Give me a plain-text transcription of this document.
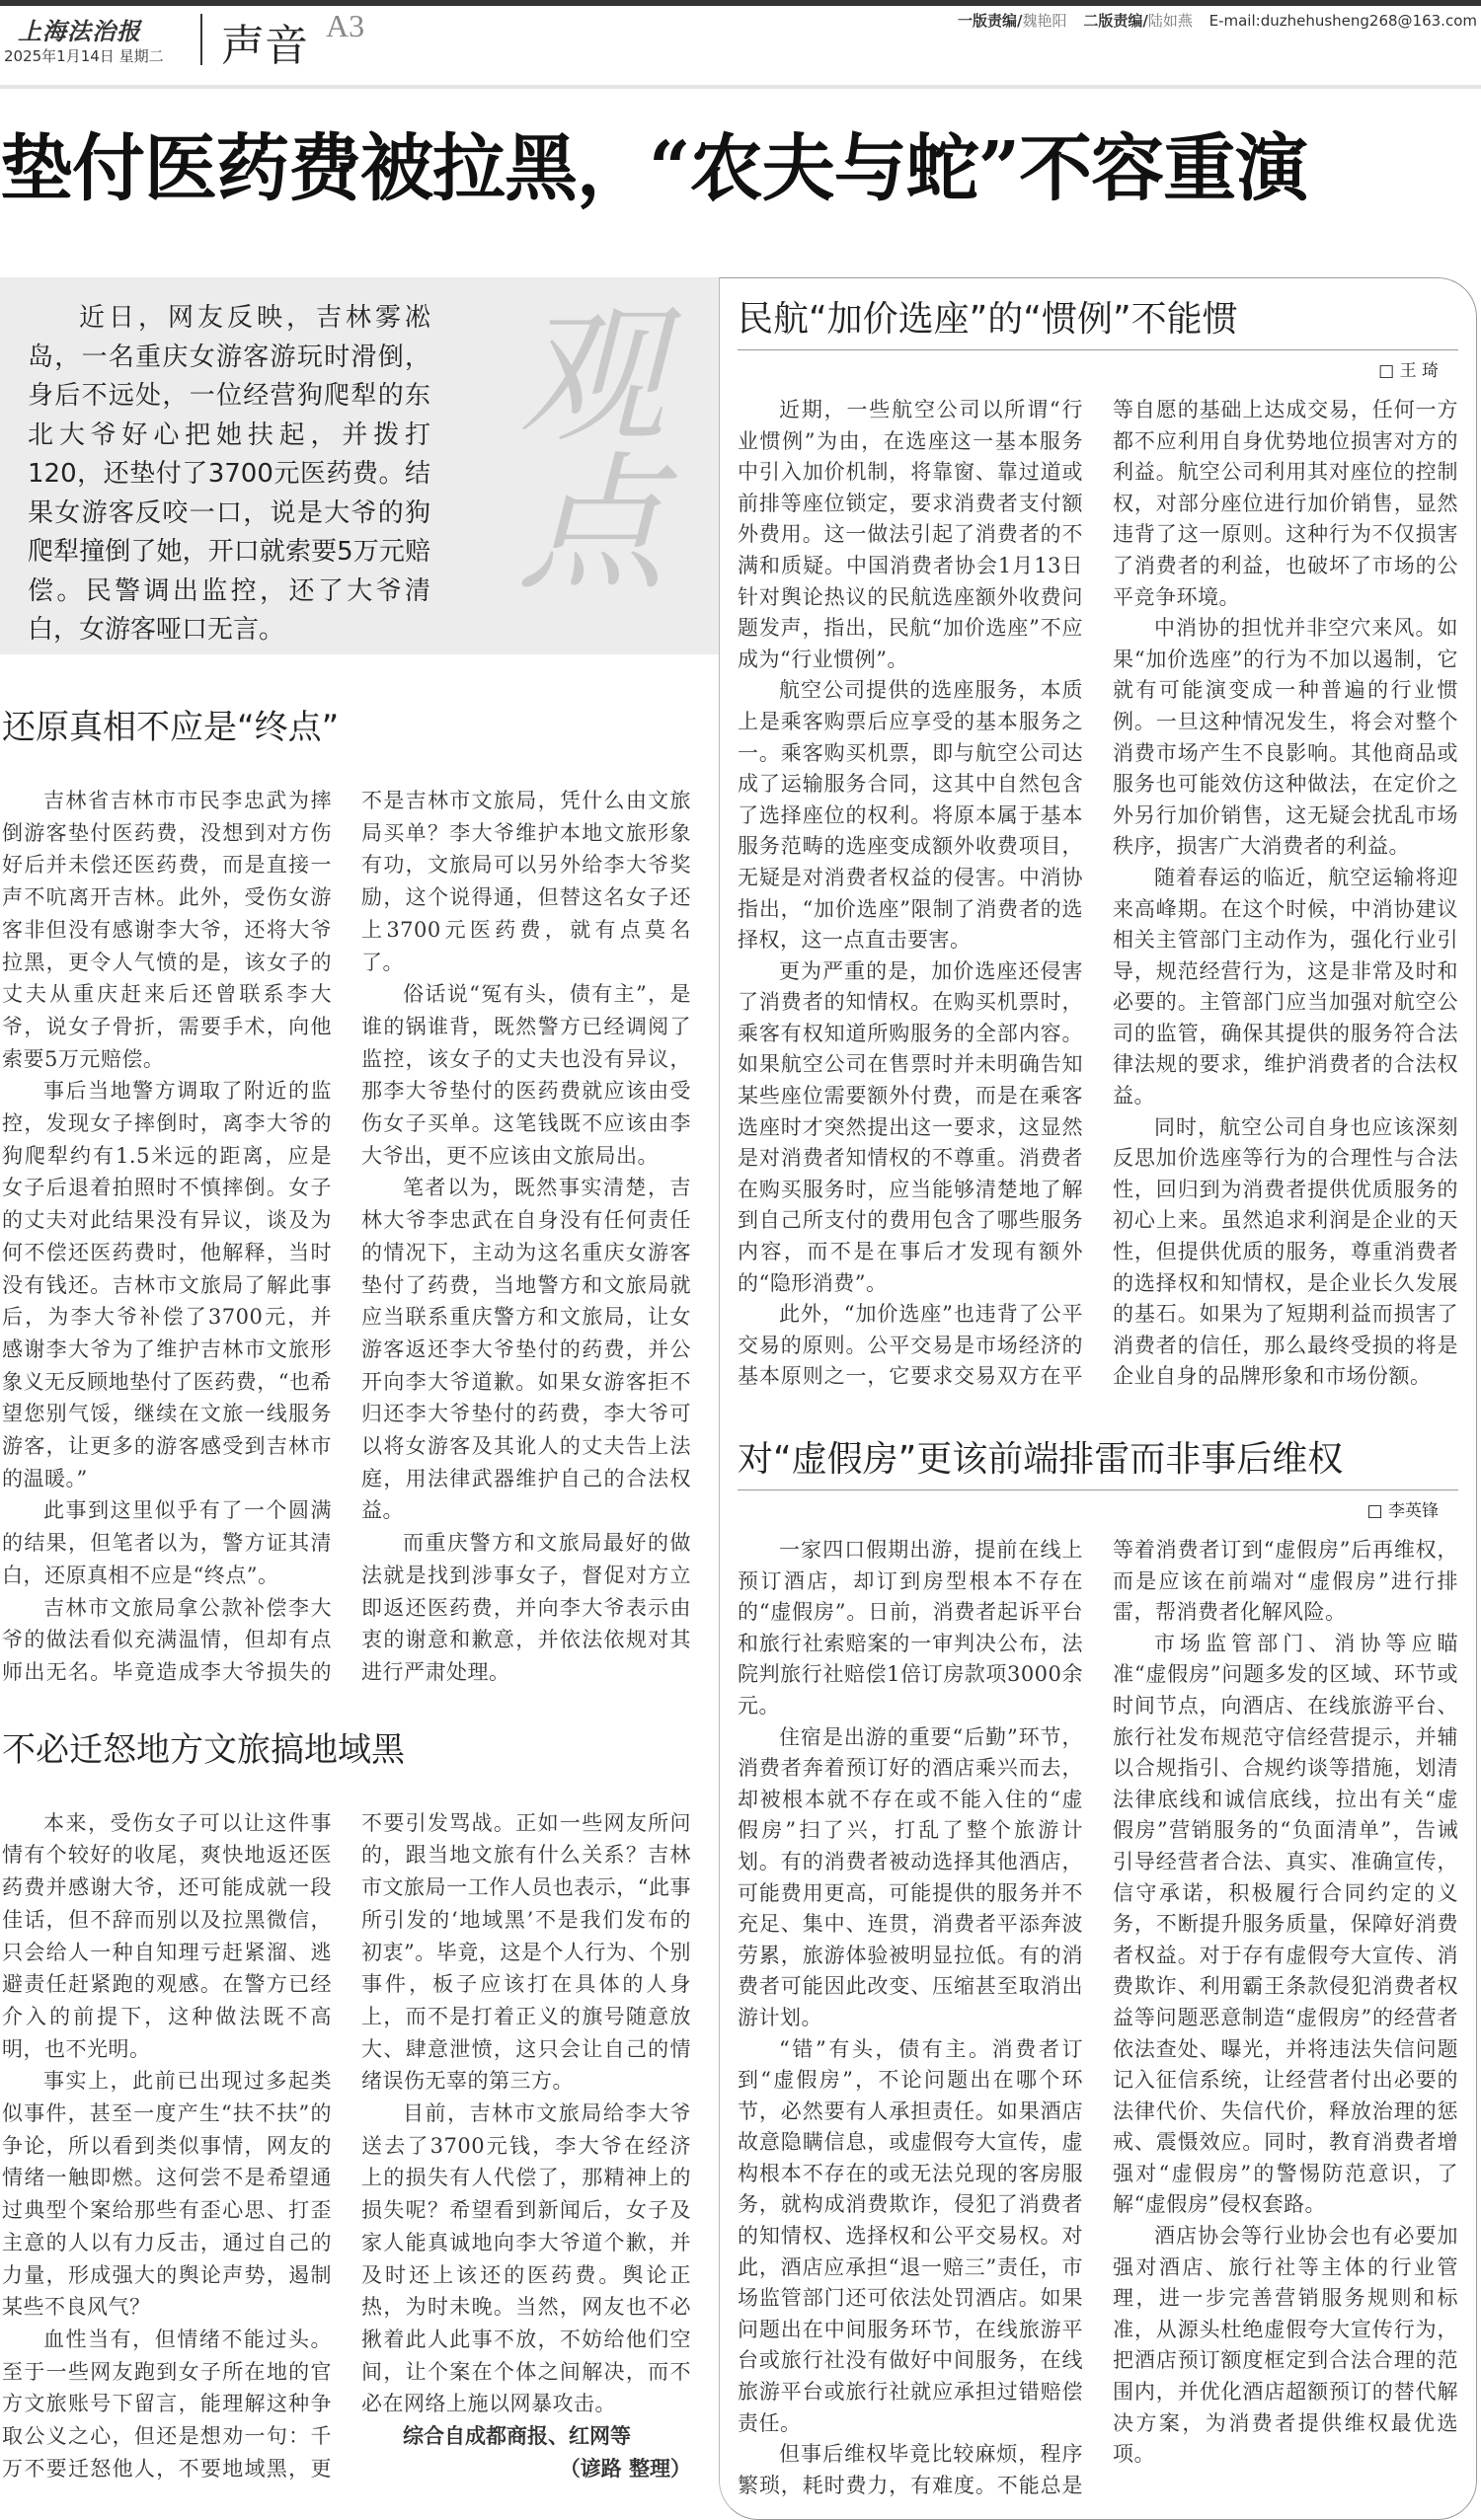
上海法治报
2025年1月14日 星期二 声音 A3	一版责编/魏艳阳 二版责编/陆如燕 E-mail:duzhehusheng268@163.com
垫付医药费被拉黑，“农夫与蛇”不容重演
观点

近日，网友反映，吉林雾凇岛，一名重庆女游客游玩时滑倒，身后不远处，一位经营狗爬犁的东北大爷好心把她扶起，并拨打120，还垫付了3700元医药费。结果女游客反咬一口，说是大爷的狗爬犁撞倒了她，开口就索要5万元赔偿。民警调出监控，还了大爷清白，女游客哑口无言。

还原真相不应是“终点”

吉林省吉林市市民李忠武为摔倒游客垫付医药费，没想到对方伤好后并未偿还医药费，而是直接一声不吭离开吉林。此外，受伤女游客非但没有感谢李大爷，还将大爷拉黑，更令人气愤的是，该女子的丈夫从重庆赶来后还曾联系李大爷，说女子骨折，需要手术，向他索要5万元赔偿。

事后当地警方调取了附近的监控，发现女子摔倒时，离李大爷的狗爬犁约有1.5米远的距离，应是女子后退着拍照时不慎摔倒。女子的丈夫对此结果没有异议，谈及为何不偿还医药费时，他解释，当时没有钱还。吉林市文旅局了解此事后，为李大爷补偿了3700元，并感谢李大爷为了维护吉林市文旅形象义无反顾地垫付了医药费，“也希望您别气馁，继续在文旅一线服务游客，让更多的游客感受到吉林市的温暖。”

此事到这里似乎有了一个圆满的结果，但笔者以为，警方证其清白，还原真相不应是“终点”。

吉林市文旅局拿公款补偿李大爷的做法看似充满温情，但却有点师出无名。毕竟造成李大爷损失的不是吉林市文旅局，凭什么由文旅局买单？李大爷维护本地文旅形象有功，文旅局可以另外给李大爷奖励，这个说得通，但替这名女子还上3700元医药费，就有点莫名了。

俗话说“冤有头，债有主”，是谁的锅谁背，既然警方已经调阅了监控，该女子的丈夫也没有异议，那李大爷垫付的医药费就应该由受伤女子买单。这笔钱既不应该由李大爷出，更不应该由文旅局出。

笔者以为，既然事实清楚，吉林大爷李忠武在自身没有任何责任的情况下，主动为这名重庆女游客垫付了药费，当地警方和文旅局就应当联系重庆警方和文旅局，让女游客返还李大爷垫付的药费，并公开向李大爷道歉。如果女游客拒不归还李大爷垫付的药费，李大爷可以将女游客及其讹人的丈夫告上法庭，用法律武器维护自己的合法权益。

而重庆警方和文旅局最好的做法就是找到涉事女子，督促对方立即返还医药费，并向李大爷表示由衷的谢意和歉意，并依法依规对其进行严肃处理。

不必迁怒地方文旅搞地域黑

本来，受伤女子可以让这件事情有个较好的收尾，爽快地返还医药费并感谢大爷，还可能成就一段佳话，但不辞而别以及拉黑微信，只会给人一种自知理亏赶紧溜、逃避责任赶紧跑的观感。在警方已经介入的前提下，这种做法既不高明，也不光明。

事实上，此前已出现过多起类似事件，甚至一度产生“扶不扶”的争论，所以看到类似事情，网友的情绪一触即燃。这何尝不是希望通过典型个案给那些有歪心思、打歪主意的人以有力反击，通过自己的力量，形成强大的舆论声势，遏制某些不良风气？

血性当有，但情绪不能过头。至于一些网友跑到女子所在地的官方文旅账号下留言，能理解这种争取公义之心，但还是想劝一句：千万不要迁怒他人，不要地域黑，更不要引发骂战。正如一些网友所问的，跟当地文旅有什么关系？吉林市文旅局一工作人员也表示，“此事所引发的‘地域黑’不是我们发布的初衷”。毕竟，这是个人行为、个别事件，板子应该打在具体的人身上，而不是打着正义的旗号随意放大、肆意泄愤，这只会让自己的情绪误伤无辜的第三方。

目前，吉林市文旅局给李大爷送去了3700元钱，李大爷在经济上的损失有人代偿了，那精神上的损失呢？希望看到新闻后，女子及家人能真诚地向李大爷道个歉，并及时还上该还的医药费。舆论正热，为时未晚。当然，网友也不必揪着此人此事不放，不妨给他们空间，让个案在个体之间解决，而不必在网络上施以网暴攻击。

综合自成都商报、红网等

（谚路 整理）

民航“加价选座”的“惯例”不能惯
□ 王 琦

近期，一些航空公司以所谓“行业惯例”为由，在选座这一基本服务中引入加价机制，将靠窗、靠过道或前排等座位锁定，要求消费者支付额外费用。这一做法引起了消费者的不满和质疑。中国消费者协会1月13日针对舆论热议的民航选座额外收费问题发声，指出，民航“加价选座”不应成为“行业惯例”。

航空公司提供的选座服务，本质上是乘客购票后应享受的基本服务之一。乘客购买机票，即与航空公司达成了运输服务合同，这其中自然包含了选择座位的权利。将原本属于基本服务范畴的选座变成额外收费项目，无疑是对消费者权益的侵害。中消协指出，“加价选座”限制了消费者的选择权，这一点直击要害。

更为严重的是，加价选座还侵害了消费者的知情权。在购买机票时，乘客有权知道所购服务的全部内容。如果航空公司在售票时并未明确告知某些座位需要额外付费，而是在乘客选座时才突然提出这一要求，这显然是对消费者知情权的不尊重。消费者在购买服务时，应当能够清楚地了解到自己所支付的费用包含了哪些服务内容，而不是在事后才发现有额外的“隐形消费”。

此外，“加价选座”也违背了公平交易的原则。公平交易是市场经济的基本原则之一，它要求交易双方在平等自愿的基础上达成交易，任何一方都不应利用自身优势地位损害对方的利益。航空公司利用其对座位的控制权，对部分座位进行加价销售，显然违背了这一原则。这种行为不仅损害了消费者的利益，也破坏了市场的公平竞争环境。

中消协的担忧并非空穴来风。如果“加价选座”的行为不加以遏制，它就有可能演变成一种普遍的行业惯例。一旦这种情况发生，将会对整个消费市场产生不良影响。其他商品或服务也可能效仿这种做法，在定价之外另行加价销售，这无疑会扰乱市场秩序，损害广大消费者的利益。

随着春运的临近，航空运输将迎来高峰期。在这个时候，中消协建议相关主管部门主动作为，强化行业引导，规范经营行为，这是非常及时和必要的。主管部门应当加强对航空公司的监管，确保其提供的服务符合法律法规的要求，维护消费者的合法权益。

同时，航空公司自身也应该深刻反思加价选座等行为的合理性与合法性，回归到为消费者提供优质服务的初心上来。虽然追求利润是企业的天性，但提供优质的服务，尊重消费者的选择权和知情权，是企业长久发展的基石。如果为了短期利益而损害了消费者的信任，那么最终受损的将是企业自身的品牌形象和市场份额。

对“虚假房”更该前端排雷而非事后维权
□ 李英锋

一家四口假期出游，提前在线上预订酒店，却订到房型根本不存在的“虚假房”。日前，消费者起诉平台和旅行社索赔案的一审判决公布，法院判旅行社赔偿1倍订房款项3000余元。

住宿是出游的重要“后勤”环节，消费者奔着预订好的酒店乘兴而去，却被根本就不存在或不能入住的“虚假房”扫了兴，打乱了整个旅游计划。有的消费者被动选择其他酒店，可能费用更高，可能提供的服务并不充足、集中、连贯，消费者平添奔波劳累，旅游体验被明显拉低。有的消费者可能因此改变、压缩甚至取消出游计划。

“错”有头，债有主。消费者订到“虚假房”，不论问题出在哪个环节，必然要有人承担责任。如果酒店故意隐瞒信息，或虚假夸大宣传，虚构根本不存在的或无法兑现的客房服务，就构成消费欺诈，侵犯了消费者的知情权、选择权和公平交易权。对此，酒店应承担“退一赔三”责任，市场监管部门还可依法处罚酒店。如果问题出在中间服务环节，在线旅游平台或旅行社没有做好中间服务，在线旅游平台或旅行社就应承担过错赔偿责任。

但事后维权毕竟比较麻烦，程序繁琐，耗时费力，有难度。不能总是等着消费者订到“虚假房”后再维权，而是应该在前端对“虚假房”进行排雷，帮消费者化解风险。

市场监管部门、消协等应瞄准“虚假房”问题多发的区域、环节或时间节点，向酒店、在线旅游平台、旅行社发布规范守信经营提示，并辅以合规指引、合规约谈等措施，划清法律底线和诚信底线，拉出有关“虚假房”营销服务的“负面清单”，告诫引导经营者合法、真实、准确宣传，信守承诺，积极履行合同约定的义务，不断提升服务质量，保障好消费者权益。对于存有虚假夸大宣传、消费欺诈、利用霸王条款侵犯消费者权益等问题恶意制造“虚假房”的经营者依法查处、曝光，并将违法失信问题记入征信系统，让经营者付出必要的法律代价、失信代价，释放治理的惩戒、震慑效应。同时，教育消费者增强对“虚假房”的警惕防范意识，了解“虚假房”侵权套路。

酒店协会等行业协会也有必要加强对酒店、旅行社等主体的行业管理，进一步完善营销服务规则和标准，从源头杜绝虚假夸大宣传行为，把酒店预订额度框定到合法合理的范围内，并优化酒店超额预订的替代解决方案，为消费者提供维权最优选项。
